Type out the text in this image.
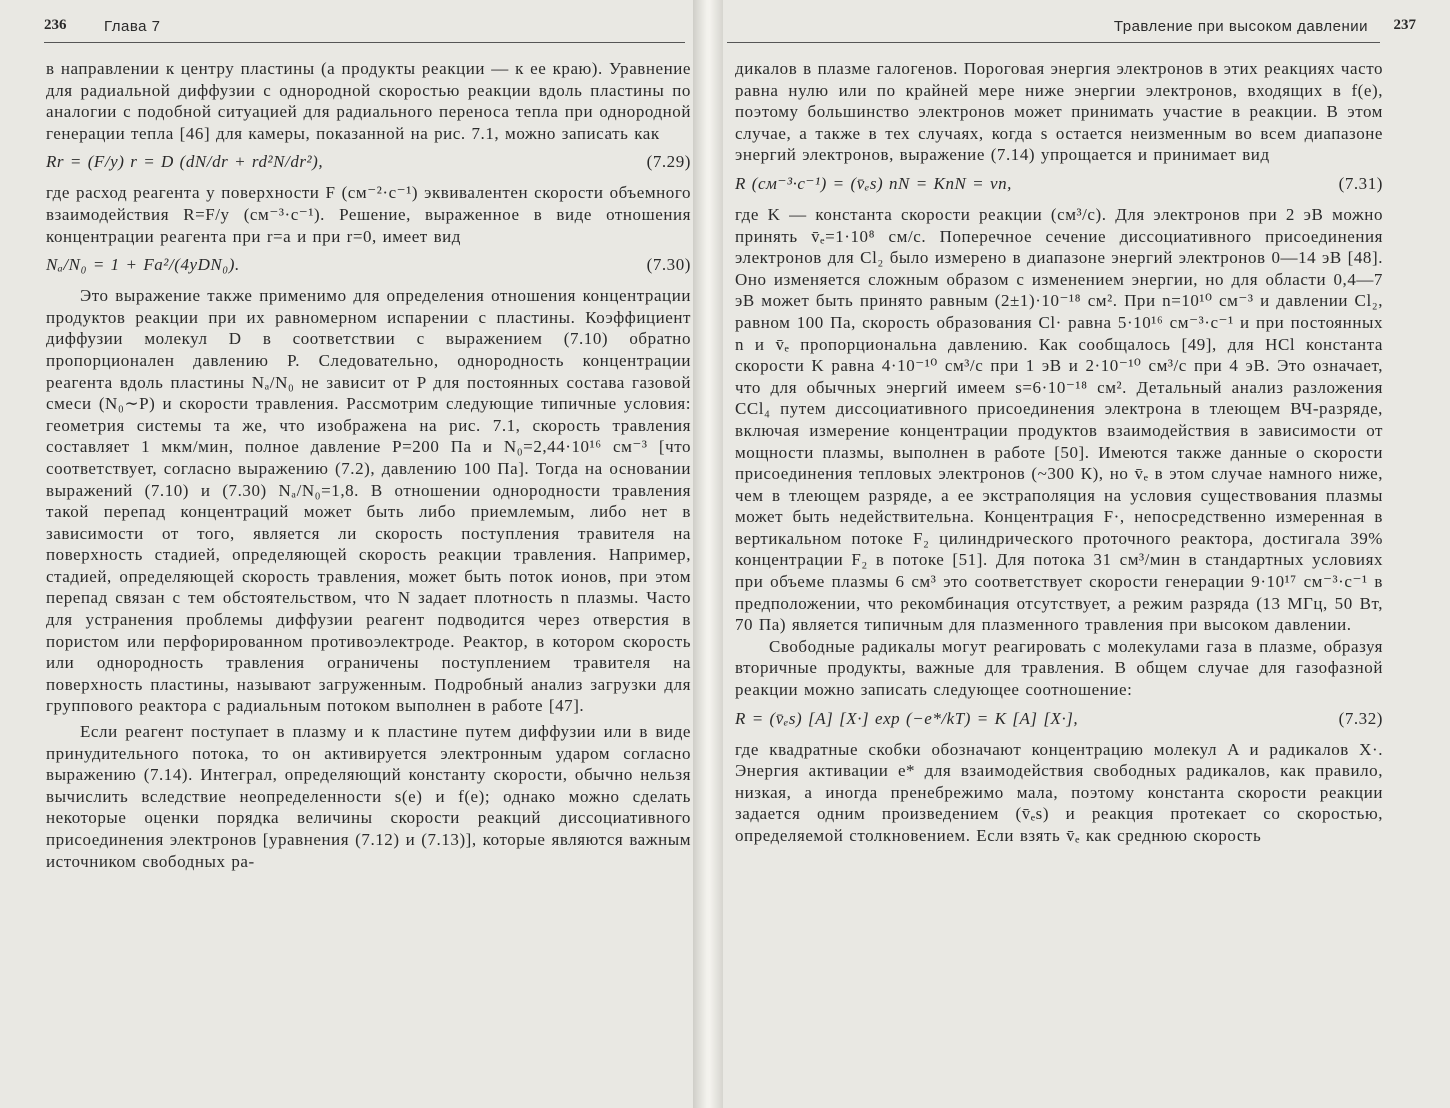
236	Глава 7

в направлении к центру пластины (а продукты реакции — к ее краю). Уравнение для радиальной диффузии с однородной скоростью реакции вдоль пластины по аналогии с подобной ситуацией для радиального переноса тепла при однородной генерации тепла [46] для камеры, показанной на рис. 7.1, можно записать как

Rr = (F/y) r = D (dN/dr + rd²N/dr²),	(7.29)

где расход реагента у поверхности F (см⁻²·с⁻¹) эквивалентен скорости объемного взаимодействия R=F/y (см⁻³·с⁻¹). Решение, выраженное в виде отношения концентрации реагента при r=a и при r=0, имеет вид

Nₐ/N₀ = 1 + Fa²/(4yDN₀).	(7.30)

Это выражение также применимо для определения отношения концентрации продуктов реакции при их равномерном испарении с пластины. Коэффициент диффузии молекул D в соответствии с выражением (7.10) обратно пропорционален давлению P. Следовательно, однородность концентрации реагента вдоль пластины Nₐ/N₀ не зависит от P для постоянных состава газовой смеси (N₀∼P) и скорости травления. Рассмотрим следующие типичные условия: геометрия системы та же, что изображена на рис. 7.1, скорость травления составляет 1 мкм/мин, полное давление P=200 Па и N₀=2,44·10¹⁶ см⁻³ [что соответствует, согласно выражению (7.2), давлению 100 Па]. Тогда на основании выражений (7.10) и (7.30) Nₐ/N₀=1,8. В отношении однородности травления такой перепад концентраций может быть либо приемлемым, либо нет в зависимости от того, является ли скорость поступления травителя на поверхность стадией, определяющей скорость реакции травления. Например, стадией, определяющей скорость травления, может быть поток ионов, при этом перепад связан с тем обстоятельством, что N задает плотность n плазмы. Часто для устранения проблемы диффузии реагент подводится через отверстия в пористом или перфорированном противоэлектроде. Реактор, в котором скорость или однородность травления ограничены поступлением травителя на поверхность пластины, называют загруженным. Подробный анализ загрузки для группового реактора с радиальным потоком выполнен в работе [47].

Если реагент поступает в плазму и к пластине путем диффузии или в виде принудительного потока, то он активируется электронным ударом согласно выражению (7.14). Интеграл, определяющий константу скорости, обычно нельзя вычислить вследствие неопределенности s(e) и f(e); однако можно сделать некоторые оценки порядка величины скорости реакций диссоциативного присоединения электронов [уравнения (7.12) и (7.13)], которые являются важным источником свободных ра-

Травление при высоком давлении 237

дикалов в плазме галогенов. Пороговая энергия электронов в этих реакциях часто равна нулю или по крайней мере ниже энергии электронов, входящих в f(e), поэтому большинство электронов может принимать участие в реакции. В этом случае, а также в тех случаях, когда s остается неизменным во всем диапазоне энергий электронов, выражение (7.14) упрощается и принимает вид

R (см⁻³·с⁻¹) = (v̄ₑs) nN = KnN = νn,	(7.31)

где K — константа скорости реакции (см³/с). Для электронов при 2 эВ можно принять v̄ₑ=1·10⁸ см/с. Поперечное сечение диссоциативного присоединения электронов для Cl₂ было измерено в диапазоне энергий электронов 0—14 эВ [48]. Оно изменяется сложным образом с изменением энергии, но для области 0,4—7 эВ может быть принято равным (2±1)·10⁻¹⁸ см². При n=10¹⁰ см⁻³ и давлении Cl₂, равном 100 Па, скорость образования Cl· равна 5·10¹⁶ см⁻³·с⁻¹ и при постоянных n и v̄ₑ пропорциональна давлению. Как сообщалось [49], для HCl константа скорости K равна 4·10⁻¹⁰ см³/с при 1 эВ и 2·10⁻¹⁰ см³/с при 4 эВ. Это означает, что для обычных энергий имеем s=6·10⁻¹⁸ см². Детальный анализ разложения CCl₄ путем диссоциативного присоединения электрона в тлеющем ВЧ-разряде, включая измерение концентрации продуктов взаимодействия в зависимости от мощности плазмы, выполнен в работе [50]. Имеются также данные о скорости присоединения тепловых электронов (~300 К), но v̄ₑ в этом случае намного ниже, чем в тлеющем разряде, а ее экстраполяция на условия существования плазмы может быть недействительна. Концентрация F·, непосредственно измеренная в вертикальном потоке F₂ цилиндрического проточного реактора, достигала 39% концентрации F₂ в потоке [51]. Для потока 31 см³/мин в стандартных условиях при объеме плазмы 6 см³ это соответствует скорости генерации 9·10¹⁷ см⁻³·с⁻¹ в предположении, что рекомбинация отсутствует, а режим разряда (13 МГц, 50 Вт, 70 Па) является типичным для плазменного травления при высоком давлении.

Свободные радикалы могут реагировать с молекулами газа в плазме, образуя вторичные продукты, важные для травления. В общем случае для газофазной реакции можно записать следующее соотношение:

R = (v̄ₑs) [A] [X·] exp (−e*/kT) = K [A] [X·],	(7.32)

где квадратные скобки обозначают концентрацию молекул A и радикалов X·. Энергия активации e* для взаимодействия свободных радикалов, как правило, низкая, а иногда пренебрежимо мала, поэтому константа скорости реакции задается одним произведением (v̄ₑs) и реакция протекает со скоростью, определяемой столкновением. Если взять v̄ₑ как среднюю скорость
